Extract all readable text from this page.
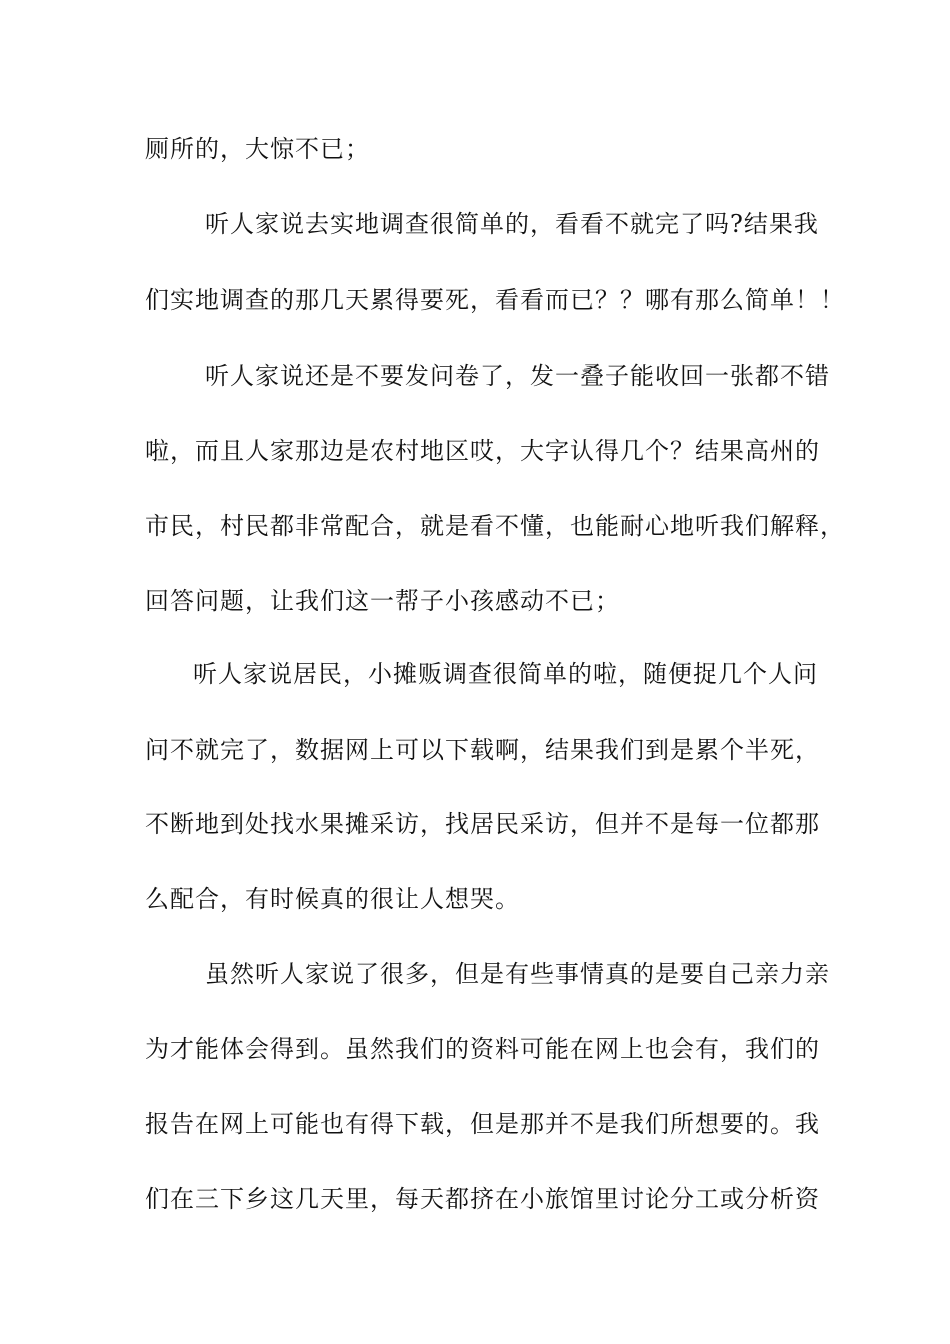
厕所的，大惊不已；
听人家说去实地调查很简单的，看看不就完了吗?结果我
们实地调查的那几天累得要死，看看而已？？哪有那么简单！！
听人家说还是不要发问卷了，发一叠子能收回一张都不错
啦，而且人家那边是农村地区哎，大字认得几个？结果高州的
市民，村民都非常配合，就是看不懂，也能耐心地听我们解释，
回答问题，让我们这一帮子小孩感动不已；
听人家说居民，小摊贩调查很简单的啦，随便捉几个人问
问不就完了，数据网上可以下载啊，结果我们到是累个半死，
不断地到处找水果摊采访，找居民采访，但并不是每一位都那
么配合，有时候真的很让人想哭。
虽然听人家说了很多，但是有些事情真的是要自己亲力亲
为才能体会得到。虽然我们的资料可能在网上也会有，我们的
报告在网上可能也有得下载，但是那并不是我们所想要的。我
们在三下乡这几天里，每天都挤在小旅馆里讨论分工或分析资
